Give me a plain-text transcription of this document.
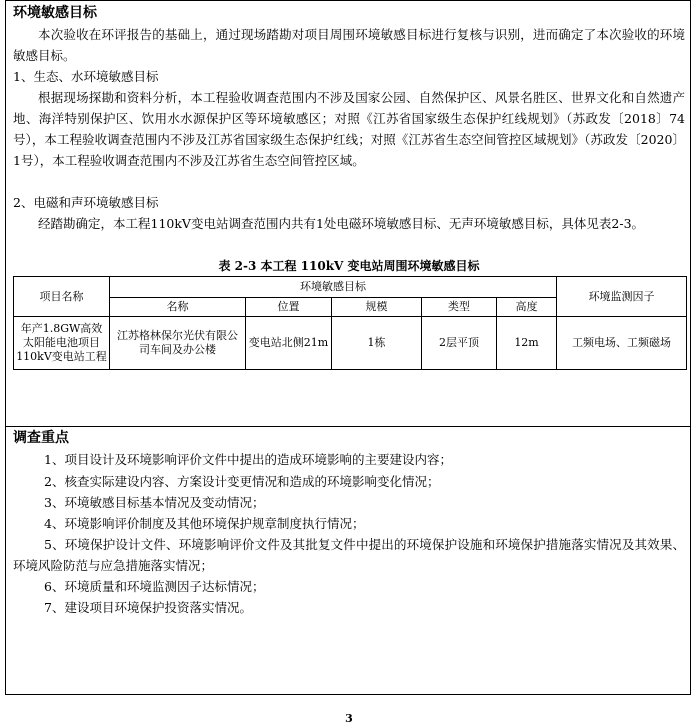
环境敏感目标

本次验收在环评报告的基础上，通过现场踏勘对项目周围环境敏感目标进行复核与识别，进而确定了本次验收的环境敏感目标。

1、生态、水环境敏感目标

根据现场探勘和资料分析，本工程验收调查范围内不涉及国家公园、自然保护区、风景名胜区、世界文化和自然遗产地、海洋特别保护区、饮用水水源保护区等环境敏感区；对照《江苏省国家级生态保护红线规划》（苏政发〔2018〕74号），本工程验收调查范围内不涉及江苏省国家级生态保护红线；对照《江苏省生态空间管控区域规划》（苏政发〔2020〕1号），本工程验收调查范围内不涉及江苏省生态空间管控区域。

2、电磁和声环境敏感目标

经踏勘确定，本工程110kV变电站调查范围内共有1处电磁环境敏感目标、无声环境敏感目标，具体见表2-3。

表 2-3 本工程 110kV 变电站周围环境敏感目标

项目名称	环境敏感目标					环境监测因子
	名称	位置	规模	类型	高度	
年产1.8GW高效太阳能电池项目110kV变电站工程	江苏格林保尔光伏有限公司车间及办公楼	变电站北侧21m	1栋	2层平顶	12m	工频电场、工频磁场

调查重点

1、项目设计及环境影响评价文件中提出的造成环境影响的主要建设内容；

2、核查实际建设内容、方案设计变更情况和造成的环境影响变化情况；

3、环境敏感目标基本情况及变动情况；

4、环境影响评价制度及其他环境保护规章制度执行情况；

5、环境保护设计文件、环境影响评价文件及其批复文件中提出的环境保护设施和环境保护措施落实情况及其效果、环境风险防范与应急措施落实情况；

6、环境质量和环境监测因子达标情况；

7、建设项目环境保护投资落实情况。

3
